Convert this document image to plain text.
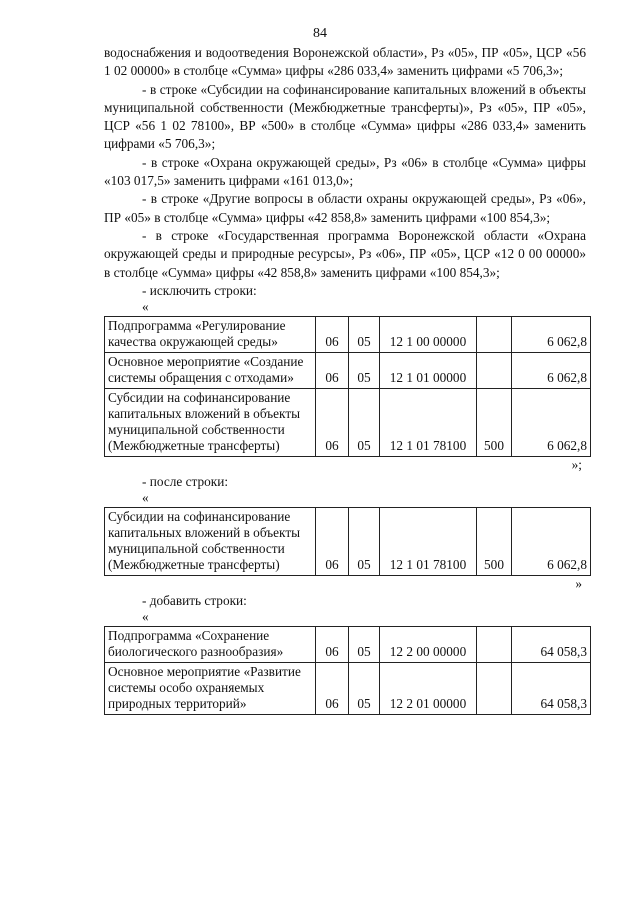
84

водоснабжения и водоотведения Воронежской области», Рз «05», ПР «05», ЦСР «56 1 02 00000» в столбце «Сумма» цифры «286 033,4» заменить цифрами «5 706,3»;

- в строке «Субсидии на софинансирование капитальных вложений в объекты муниципальной собственности (Межбюджетные трансферты)», Рз «05», ПР «05», ЦСР «56 1 02 78100», ВР «500» в столбце «Сумма» цифры «286 033,4» заменить цифрами «5 706,3»;

- в строке «Охрана окружающей среды», Рз «06» в столбце «Сумма» цифры «103 017,5» заменить цифрами «161 013,0»;

- в строке «Другие вопросы в области охраны окружающей среды», Рз «06», ПР «05» в столбце «Сумма» цифры «42 858,8» заменить цифрами «100 854,3»;

- в строке «Государственная программа Воронежской области «Охрана окружающей среды и природные ресурсы», Рз «06», ПР «05», ЦСР «12 0 00 00000» в столбце «Сумма» цифры «42 858,8» заменить цифрами «100 854,3»;

- исключить строки:
«
Подпрограмма «Регулирование качества окружающей среды»	06	05	12 1 00 00000		6 062,8
Основное мероприятие «Создание системы обращения с отходами»	06	05	12 1 01 00000		6 062,8
Субсидии на софинансирование капитальных вложений в объекты муниципальной собственности (Межбюджетные трансферты)	06	05	12 1 01 78100	500	6 062,8
»;
- после строки:
«
Субсидии на софинансирование капитальных вложений в объекты муниципальной собственности (Межбюджетные трансферты)	06	05	12 1 01 78100	500	6 062,8
»
- добавить строки:
«
Подпрограмма «Сохранение биологического разнообразия»	06	05	12 2 00 00000		64 058,3
Основное мероприятие «Развитие системы особо охраняемых природных территорий»	06	05	12 2 01 00000		64 058,3
